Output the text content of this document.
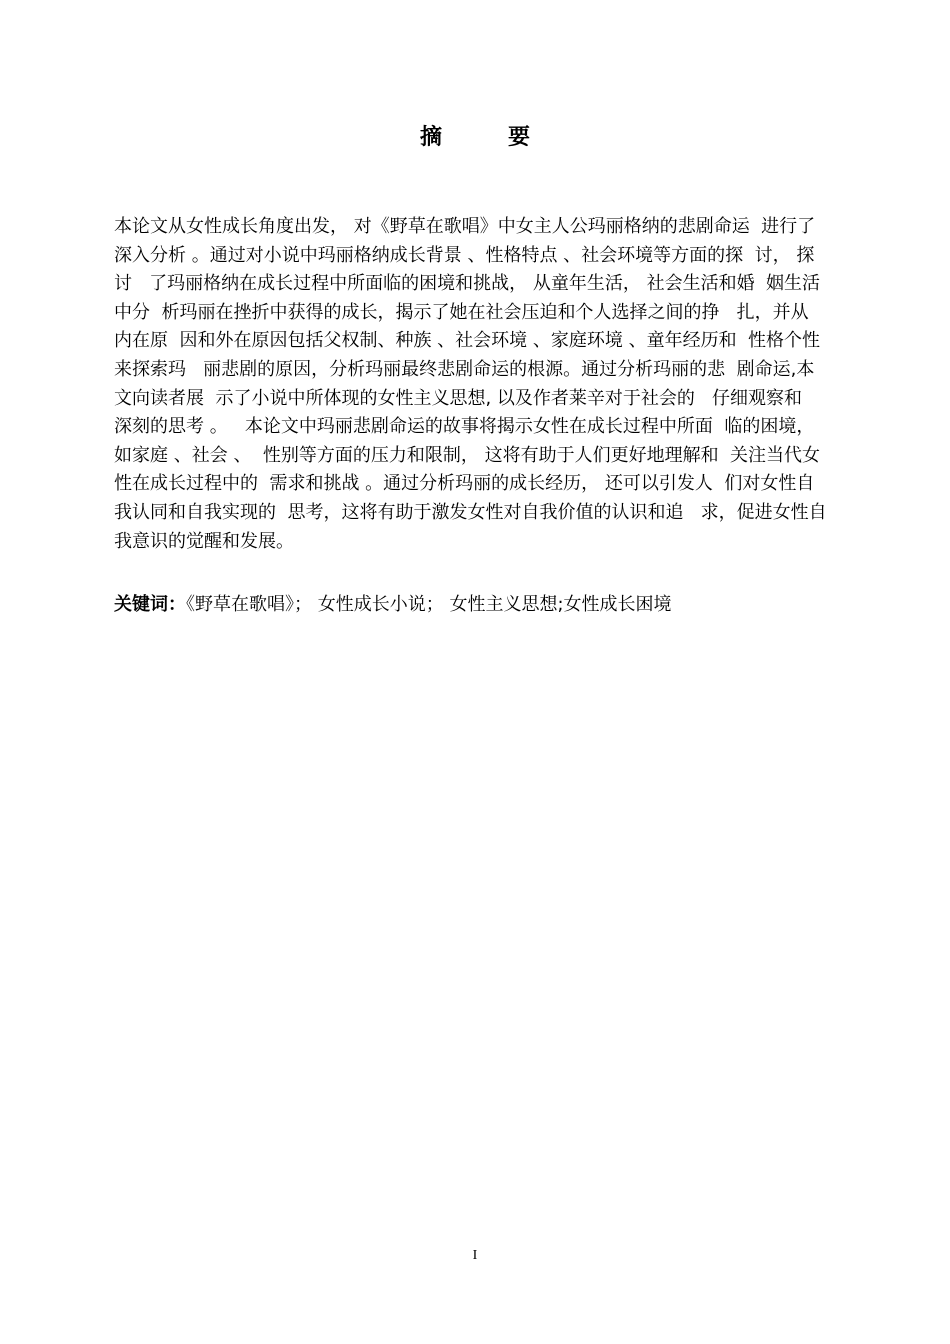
摘　要
本论文从女性成长角度出发， 对《野草在歌唱》中女主人公玛丽格纳的悲剧命运  进行了
深入分析 。通过对小说中玛丽格纳成长背景 、性格特点 、社会环境等方面的探  讨， 探
讨   了玛丽格纳在成长过程中所面临的困境和挑战， 从童年生活， 社会生活和婚  姻生活
中分  析玛丽在挫折中获得的成长，揭示了她在社会压迫和个人选择之间的挣   扎，并从
内在原  因和外在原因包括父权制、种族 、社会环境 、家庭环境 、童年经历和  性格个性
来探索玛   丽悲剧的原因，分析玛丽最终悲剧命运的根源。通过分析玛丽的悲  剧命运,本
文向读者展  示了小说中所体现的女性主义思想, 以及作者莱辛对于社会的   仔细观察和
深刻的思考 。   本论文中玛丽悲剧命运的故事将揭示女性在成长过程中所面  临的困境，
如家庭 、社会 、  性别等方面的压力和限制， 这将有助于人们更好地理解和  关注当代女
性在成长过程中的  需求和挑战 。通过分析玛丽的成长经历， 还可以引发人  们对女性自
我认同和自我实现的  思考，这将有助于激发女性对自我价值的认识和追   求，促进女性自
我意识的觉醒和发展。
关键词：《野草在歌唱》； 女性成长小说； 女性主义思想;女性成长困境
I
